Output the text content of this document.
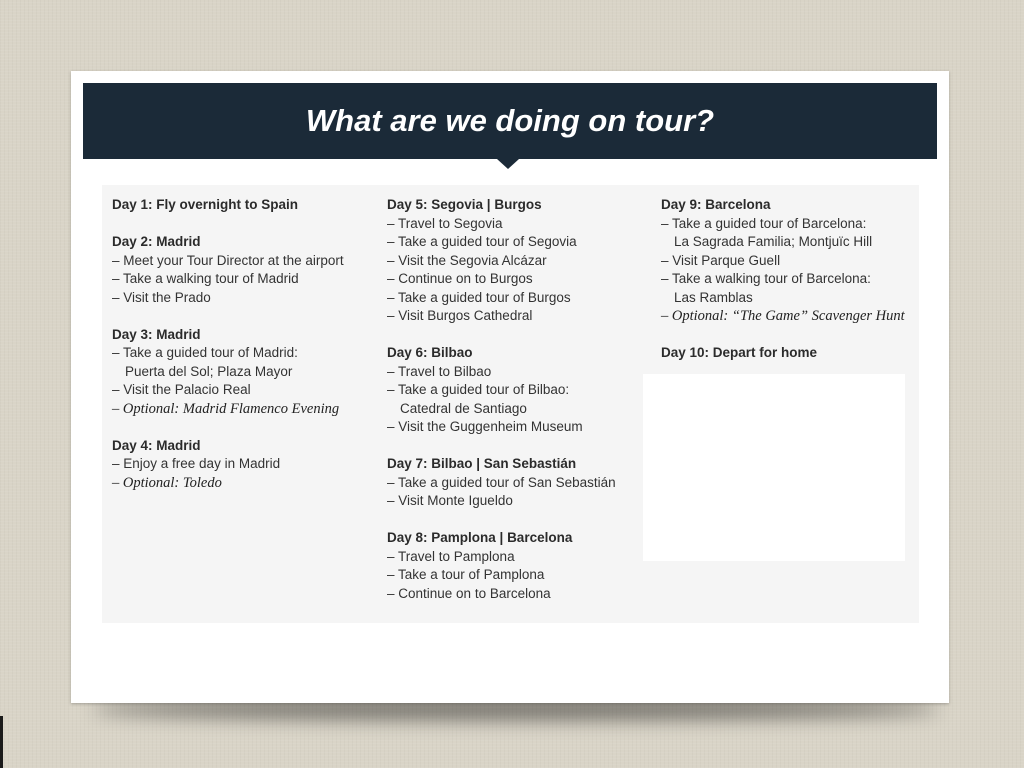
What are we doing on tour?
Day 1: Fly overnight to Spain
Day 2: Madrid
– Meet your Tour Director at the airport
– Take a walking tour of Madrid
– Visit the Prado
Day 3: Madrid
– Take a guided tour of Madrid:
Puerta del Sol; Plaza Mayor
– Visit the Palacio Real
– Optional: Madrid Flamenco Evening
Day 4: Madrid
– Enjoy a free day in Madrid
– Optional: Toledo
Day 5: Segovia | Burgos
– Travel to Segovia
– Take a guided tour of Segovia
– Visit the Segovia Alcázar
– Continue on to Burgos
– Take a guided tour of Burgos
– Visit Burgos Cathedral
Day 6: Bilbao
– Travel to Bilbao
– Take a guided tour of Bilbao:
Catedral de Santiago
– Visit the Guggenheim Museum
Day 7: Bilbao | San Sebastián
– Take a guided tour of San Sebastián
– Visit Monte Igueldo
Day 8: Pamplona | Barcelona
– Travel to Pamplona
– Take a tour of Pamplona
– Continue on to Barcelona
Day 9: Barcelona
– Take a guided tour of Barcelona:
La Sagrada Familia; Montjuïc Hill
– Visit Parque Guell
– Take a walking tour of Barcelona:
Las Ramblas
– Optional: “The Game” Scavenger Hunt
Day 10: Depart for home
